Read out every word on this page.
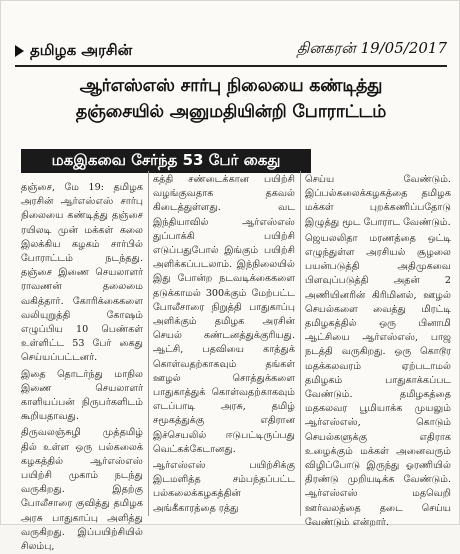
தமிழக அரசின்	தினகரன் 19/05/2017
ஆர்எஸ்எஸ் சார்பு நிலையை கண்டித்து
தஞ்சையில் அனுமதியின்றி போராட்டம்
மகஇகவை சேர்ந்த 53 பேர் கைது

தஞ்சை, மே 19: தமிழக அரசின் ஆர்எஸ்எஸ் சார்பு நிலையை கண்டித்து தஞ்சை ரயிலடி முன் மக்கள் கலை இலக்கிய கழகம் சார்பில் போராட்டம் நடந்தது. தஞ்சை இணை செயலாளர் ராவணன் தலைமை வகித்தார். கோரிக்கைகளை வலியுறுத்தி கோஷம் எழுப்பிய 10 பெண்கள் உள்ளிட்ட 53 பேர் கைது செய்யப்பட்டனர்.

இதை தொடர்ந்து மாநில இணை செயலாளர் காளியப்பன் நிருபர்களிடம் கூறியதாவது.

திருவலஞ்சுழி முத்தமிழ் தில் உள்ள ஒரு பல்கலைக் கழகத்தில் ஆர்எஸ்எஸ் பயிற்சி முகாம் நடந்து வருகிறது. இதற்கு போலீசாரை குவித்து தமிழக அரசு பாதுகாப்பு அளித்து வருகிறது. இப்பயிற்சியில் சிலம்பு,

கத்தி சண்டைக்கான பயிற்சி வழங்குவதாக தகவல் கிடைத்துள்ளது. வட இந்தியாவில் ஆர்எஸ்எஸ் துப்பாக்கி பயிற்சி எடுப்பதுபோல் இங்கும் பயிற்சி அளிக்கப்படலாம். இந்நிலையில் இது போன்ற நடவடிக்கைகளை தடுக்காமல் 300க்கும் மேற்பட்ட போலீசாரை நிறுத்தி பாதுகாப்பு அளிக்கும் தமிழக அரசின் செயல் கண்டனத்துக்குரியது. ஆட்சி, பதவியை காத்துக் கொள்வதற்காகவும் தங்கள் ஊழல் சொத்துக்களை பாதுகாத்துக் கொள்வதற்காகவும் எடப்பாடி அரசு, தமிழ் சமூகத்துக்கு எதிரான இச்செயலில் ஈடுபட்டிருப்பது வெட்கக்கேடானது.

ஆர்எஸ்எஸ் பயிற்சிக்கு இடமளித்த சம்பந்தப்பட்ட பல்கலைக்கழகத்தின் அங்கீகாரத்தை ரத்து

செய்ய வேண்டும். இப்பல்கலைக்கழகத்தை தமிழக மக்கள் புறக்கணிப்பதோடு இழுத்து மூட போராட வேண்டும்.

ஜெயலலிதா மரணத்தை ஒட்டி எழுந்துள்ள அரசியல் சூழலை பயன்படுத்தி அதிமுகவை பிளவுப்படுத்தி அதன் 2 அணியினரின் கிரிமினல், ஊழல் செயல்களை வைத்து மிரட்டி தமிழகத்தில் ஒரு பினாமி ஆட்சியை ஆர்எஸ்எஸ், பாஜ நடத்தி வருகிறது. ஒரு கொடூர மதக்கலவரம் ஏற்படாமல் தமிழகம் பாதுகாக்கப்பட வேண்டும். தமிழகத்தை மதகலவர பூமியாக்க முயலும் ஆர்எஸ்எஸ், கொடும் செயல்களுக்கு எதிராக உழைக்கும் மக்கள் அனைவரும் விழிப்போடு இருந்து ஓரணியில் திரண்டு முறியடிக்க வேண்டும். ஆர்எஸ்எஸ் மதவெறி ஊர்வலத்தை தடை செய்ய வேண்டும் என்றார்.
